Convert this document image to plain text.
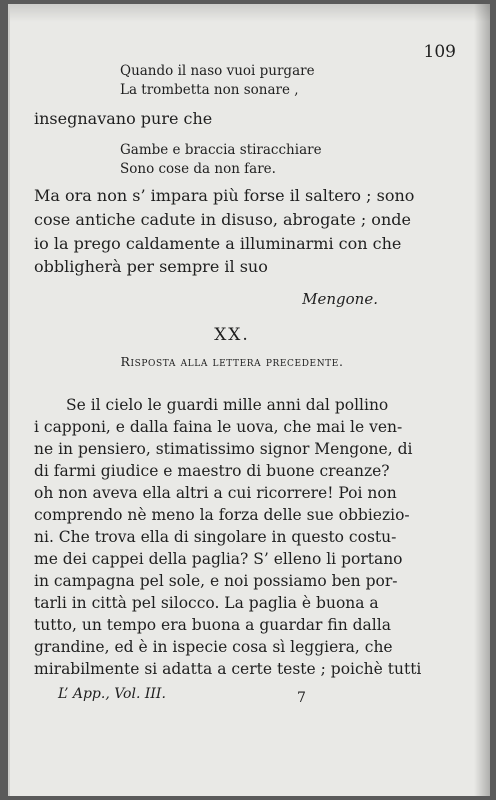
109
Quando il naso vuoi purgare
La trombetta non sonare ,
insegnavano pure che
Gambe e braccia stiracchiare
Sono cose da non fare.
Ma ora non s’ impara più forse il saltero ; sono
cose antiche cadute in disuso, abrogate ; onde
io la prego caldamente a illuminarmi con che
obbligherà per sempre il suo
Mengone.
XX.
Risposta alla lettera precedente.
Se il cielo le guardi mille anni dal pollino
i capponi, e dalla faina le uova, che mai le ven-
ne in pensiero, stimatissimo signor Mengone, di
di farmi giudice e maestro di buone creanze?
oh non aveva ella altri a cui ricorrere! Poi non
comprendo nè meno la forza delle sue obbiezio-
ni. Che trova ella di singolare in questo costu-
me dei cappei della paglia? S’ elleno li portano
in campagna pel sole, e noi possiamo ben por-
tarli in città pel silocco. La paglia è buona a
tutto, un tempo era buona a guardar fin dalla
grandine, ed è in ispecie cosa sì leggiera, che
mirabilmente si adatta a certe teste ; poichè tutti
L’ App., Vol. III.	7
